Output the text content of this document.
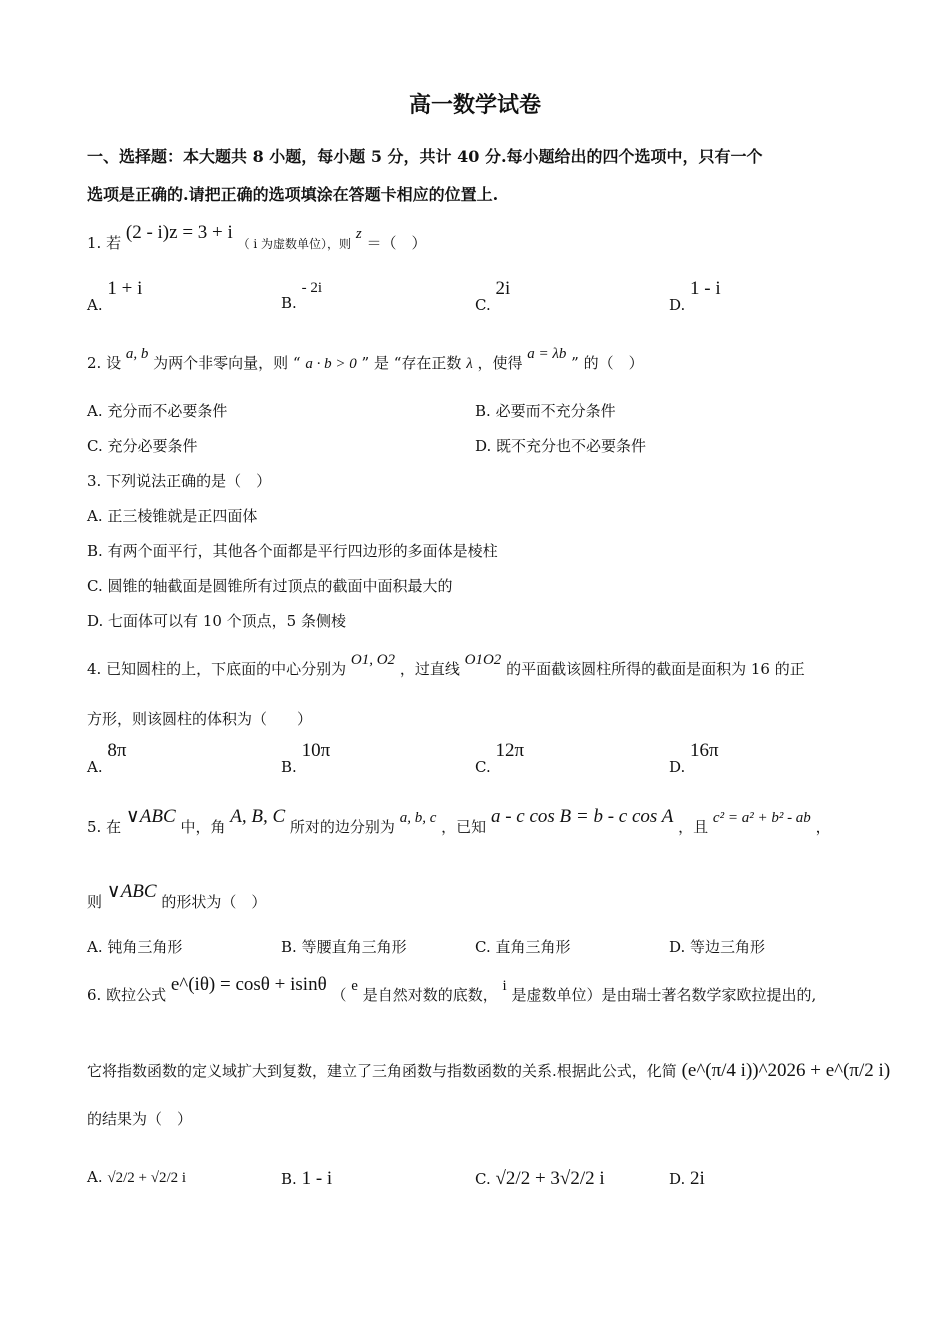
高一数学试卷
一、选择题：本大题共 8 小题，每小题 5 分，共计 40 分.每小题给出的四个选项中，只有一个
选项是正确的.请把正确的选项填涂在答题卡相应的位置上.
1. 若 (2 - i)z = 3 + i （ i 为虚数单位），则 z ＝（　）
A. 1 + i
B. - 2i
C. 2i
D. 1 - i
2. 设 a, b 为两个非零向量，则 “ a · b > 0 ” 是 “存在正数 λ ，使得 a = λb ” 的（　）
A. 充分而不必要条件	B. 必要而不充分条件
C. 充分必要条件	D. 既不充分也不必要条件
3. 下列说法正确的是（　）
A. 正三棱锥就是正四面体
B. 有两个面平行，其他各个面都是平行四边形的多面体是棱柱
C. 圆锥的轴截面是圆锥所有过顶点的截面中面积最大的
D. 七面体可以有 10 个顶点，5 条侧棱
4. 已知圆柱的上，下底面的中心分别为 O1, O2 ，过直线 O1O2 的平面截该圆柱所得的截面是面积为 16 的正
方形，则该圆柱的体积为（　　）
A. 8π
B. 10π
C. 12π
D. 16π
5. 在 ∨ABC 中，角 A, B, C 所对的边分别为 a, b, c ，已知 a - c cos B = b - c cos A ，且 c² = a² + b² - ab ，
则 ∨ABC 的形状为（　）
A. 钝角三角形	B. 等腰直角三角形	C. 直角三角形	D. 等边三角形
6. 欧拉公式 e^(iθ) = cosθ + isinθ （ e 是自然对数的底数， i 是虚数单位）是由瑞士著名数学家欧拉提出的,
它将指数函数的定义域扩大到复数，建立了三角函数与指数函数的关系.根据此公式，化简 (e^(π/4 i))^2026 + e^(π/2 i)
的结果为（　）
A. √2/2 + √2/2 i	B. 1 - i	C. √2/2 + 3√2/2 i	D. 2i
